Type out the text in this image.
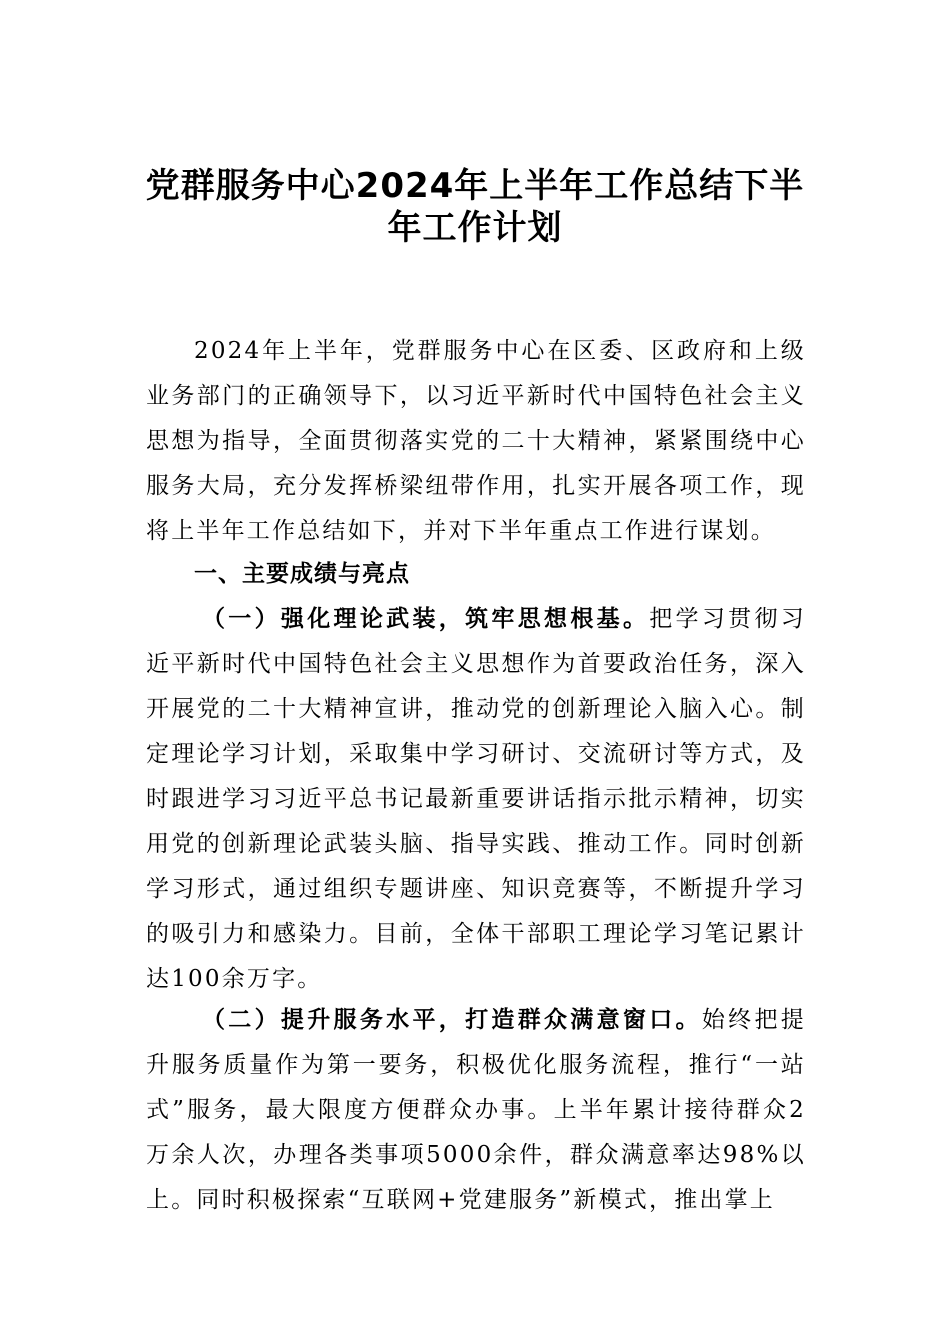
党群服务中心2024年上半年工作总结下半
年工作计划

2024年上半年，党群服务中心在区委、区政府和上级业务部门的正确领导下，以习近平新时代中国特色社会主义思想为指导，全面贯彻落实党的二十大精神，紧紧围绕中心服务大局，充分发挥桥梁纽带作用，扎实开展各项工作，现将上半年工作总结如下，并对下半年重点工作进行谋划。

一、主要成绩与亮点

（一）强化理论武装，筑牢思想根基。把学习贯彻习近平新时代中国特色社会主义思想作为首要政治任务，深入开展党的二十大精神宣讲，推动党的创新理论入脑入心。制定理论学习计划，采取集中学习研讨、交流研讨等方式，及时跟进学习习近平总书记最新重要讲话指示批示精神，切实用党的创新理论武装头脑、指导实践、推动工作。同时创新学习形式，通过组织专题讲座、知识竞赛等，不断提升学习的吸引力和感染力。目前，全体干部职工理论学习笔记累计达100余万字。

（二）提升服务水平，打造群众满意窗口。始终把提升服务质量作为第一要务，积极优化服务流程，推行“一站式”服务，最大限度方便群众办事。上半年累计接待群众2万余人次，办理各类事项5000余件，群众满意率达98%以上。同时积极探索“互联网+党建服务”新模式，推出掌上
